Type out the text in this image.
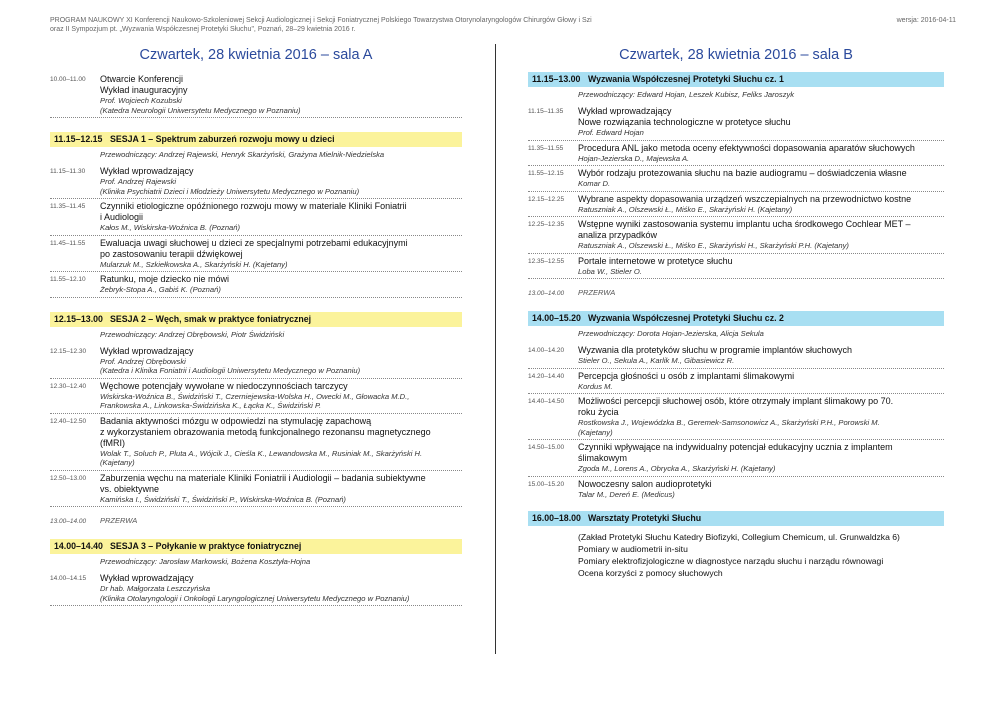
PROGRAM NAUKOWY XI Konferencji Naukowo-Szkoleniowej Sekcji Audiologicznej i Sekcji Foniatrycznej Polskiego Towarzystwa Otorynolaryngologów Chirurgów Głowy i Szi
oraz II Sympozjum pt. „Wyzwania Współczesnej Protetyki Słuchu", Poznań, 28–29 kwietnia 2016 r.
wersja: 2016-04-11
Czwartek, 28 kwietnia 2016 – sala A
10.00–11.00	Otwarcie Konferencji
Wykład inauguracyjny
Prof. Wojciech Kozubski
(Katedra Neurologii Uniwersytetu Medycznego w Poznaniu)
11.15–12.15 SESJA 1 – Spektrum zaburzeń rozwoju mowy u dzieci
Przewodniczący: Andrzej Rajewski, Henryk Skarżyński, Grażyna Mielnik-Niedzielska
11.15–11.30	Wykład wprowadzający
Prof. Andrzej Rajewski
(Klinika Psychiatrii Dzieci i Młodzieży Uniwersytetu Medycznego w Poznaniu)
11.35–11.45	Czynniki etiologiczne opóźnionego rozwoju mowy w materiale Kliniki Foniatrii
i Audiologii
Kałos M., Wiskirska-Woźnica B. (Poznań)
11.45–11.55	Ewaluacja uwagi słuchowej u dzieci ze specjalnymi potrzebami edukacyjnymi
po zastosowaniu terapii dźwiękowej
Mularzuk M., Szkiełkowska A., Skarżyński H. (Kajetany)
11.55–12.10	Ratunku, moje dziecko nie mówi
Żebryk-Stopa A., Gabiś K. (Poznań)
12.15–13.00 SESJA 2 – Węch, smak w praktyce foniatrycznej
Przewodniczący: Andrzej Obrębowski, Piotr Świdziński
12.15–12.30	Wykład wprowadzający
Prof. Andrzej Obrębowski
(Katedra i Klinika Foniatrii i Audiologii Uniwersytetu Medycznego w Poznaniu)
12.30–12.40	Węchowe potencjały wywołane w niedoczynnościach tarczycy
Wiskirska-Woźnica B., Świdziński T., Czerniejewska-Wolska H., Owecki M., Głowacka M.D.,
Frankowska A., Linkowska-Świdzińska K., Łącka K., Świdziński P.
12.40–12.50	Badania aktywności mózgu w odpowiedzi na stymulację zapachową
z wykorzystaniem obrazowania metodą funkcjonalnego rezonansu magnetycznego
(fMRI)
Wolak T., Soluch P., Pluta A., Wójcik J., Cieśla K., Lewandowska M., Rusiniak M., Skarżyński H.
(Kajetany)
12.50–13.00	Zaburzenia węchu na materiale Kliniki Foniatrii i Audiologii – badania subiektywne
vs. obiektywne
Kamińska I., Świdziński T., Świdziński P., Wiskirska-Woźnica B. (Poznań)
13.00–14.00	PRZERWA
14.00–14.40 SESJA 3 – Połykanie w praktyce foniatrycznej
Przewodniczący: Jarosław Markowski, Bożena Kosztyła-Hojna
14.00–14.15	Wykład wprowadzający
Dr hab. Małgorzata Leszczyńska
(Klinika Otolaryngologii i Onkologii Laryngologicznej Uniwersytetu Medycznego w Poznaniu)
Czwartek, 28 kwietnia 2016 – sala B
11.15–13.00 Wyzwania Współczesnej Protetyki Słuchu cz. 1
Przewodniczący: Edward Hojan, Leszek Kubisz, Feliks Jaroszyk
11.15–11.35	Wykład wprowadzający
Nowe rozwiązania technologiczne w protetyce słuchu
Prof. Edward Hojan
11.35–11.55	Procedura ANL jako metoda oceny efektywności dopasowania aparatów słuchowych
Hojan-Jezierska D., Majewska A.
11.55–12.15	Wybór rodzaju protezowania słuchu na bazie audiogramu – doświadczenia własne
Komar D.
12.15–12.25	Wybrane aspekty dopasowania urządzeń wszczepialnych na przewodnictwo kostne
Ratuszniak A., Olszewski Ł., Miśko E., Skarżyński H. (Kajetany)
12.25–12.35	Wstępne wyniki zastosowania systemu implantu ucha środkowego Cochlear MET –
analiza przypadków
Ratuszniak A., Olszewski Ł., Miśko E., Skarżyński H., Skarżyński P.H. (Kajetany)
12.35–12.55	Portale internetowe w protetyce słuchu
Loba W., Stieler O.
13.00–14.00	PRZERWA
14.00–15.20 Wyzwania Współczesnej Protetyki Słuchu cz. 2
Przewodniczący: Dorota Hojan-Jezierska, Alicja Sekula
14.00–14.20	Wyzwania dla protetyków słuchu w programie implantów słuchowych
Stieler O., Sekula A., Karlik M., Gibasiewicz R.
14.20–14.40	Percepcja głośności u osób z implantami ślimakowymi
Kordus M.
14.40–14.50	Możliwości percepcji słuchowej osób, które otrzymały implant ślimakowy po 70.
roku życia
Rostkowska J., Wojewódzka B., Geremek-Samsonowicz A., Skarżyński P.H., Porowski M.
(Kajetany)
14.50–15.00	Czynniki wpływające na indywidualny potencjał edukacyjny ucznia z implantem
ślimakowym
Zgoda M., Lorens A., Obrycka A., Skarżyński H. (Kajetany)
15.00–15.20	Nowoczesny salon audioprotetyki
Talar M., Dereń E. (Medicus)
16.00–18.00 Warsztaty Protetyki Słuchu
(Zakład Protetyki Słuchu Katedry Biofizyki, Collegium Chemicum, ul. Grunwaldzka 6)
Pomiary w audiometrii in-situ
Pomiary elektrofizjologiczne w diagnostyce narządu słuchu i narządu równowagi
Ocena korzyści z pomocy słuchowych
